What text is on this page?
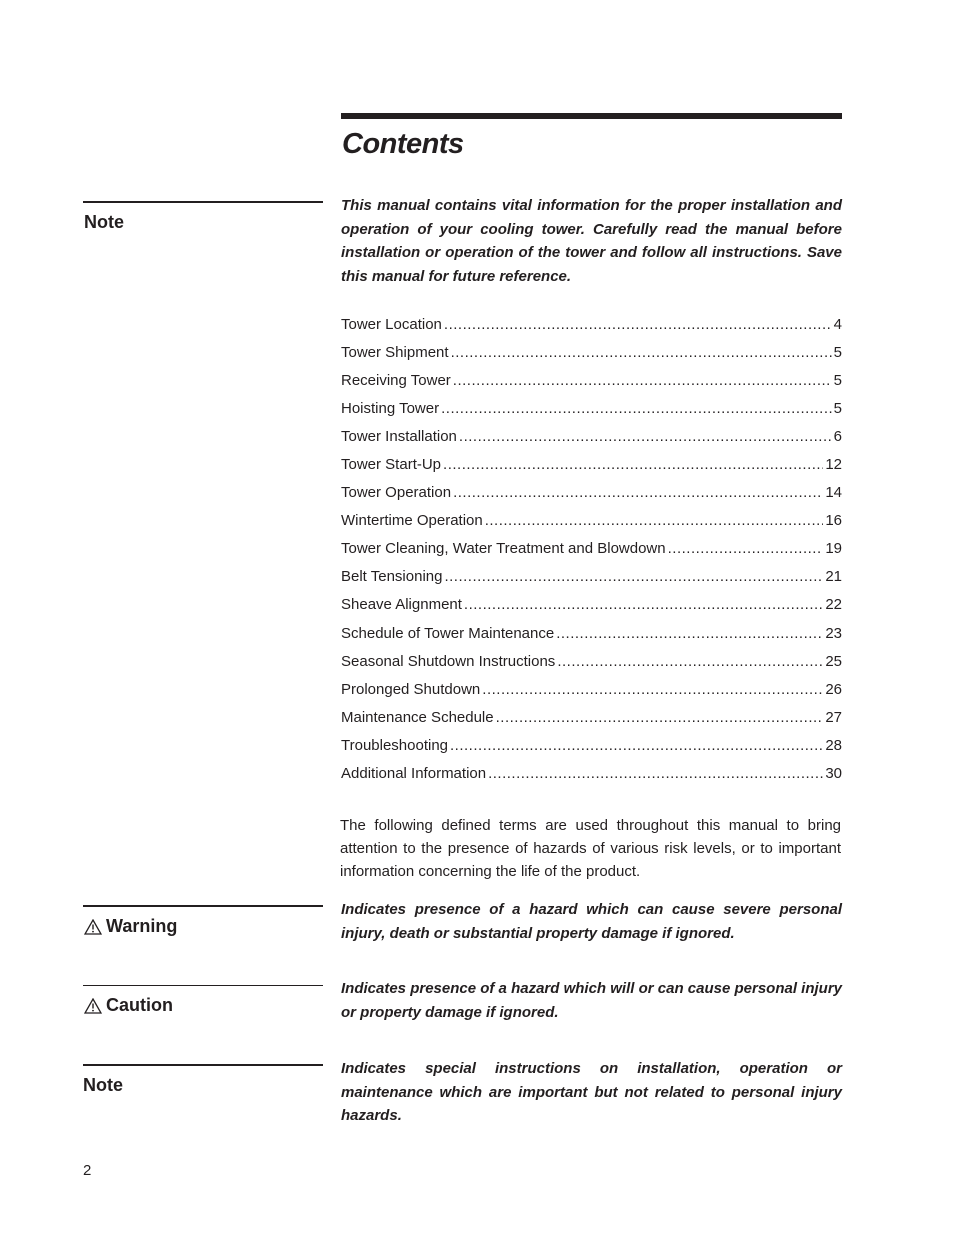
Contents
Note
This manual contains vital information for the proper installation and operation of your cooling tower. Carefully read the manual before installation or operation of the tower and follow all instructions. Save this manual for future reference.
Tower Location .....	4
Tower Shipment .....	5
Receiving Tower .....	5
Hoisting Tower .....	5
Tower Installation .....	6
Tower Start-Up .....	12
Tower Operation .....	14
Wintertime Operation .....	16
Tower Cleaning, Water Treatment and Blowdown .....	19
Belt Tensioning .....	21
Sheave Alignment .....	22
Schedule of Tower Maintenance .....	23
Seasonal Shutdown Instructions .....	25
Prolonged Shutdown .....	26
Maintenance Schedule .....	27
Troubleshooting .....	28
Additional Information .....	30
The following defined terms are used throughout this manual to bring attention to the presence of hazards of various risk levels, or to important information concerning the life of the product.
Warning
Indicates presence of a hazard which can cause severe personal injury, death or substantial property damage if ignored.
Caution
Indicates presence of a hazard which will or can cause personal injury or property damage if ignored.
Note
Indicates special instructions on installation, operation or maintenance which are important but not related to personal injury hazards.
2
